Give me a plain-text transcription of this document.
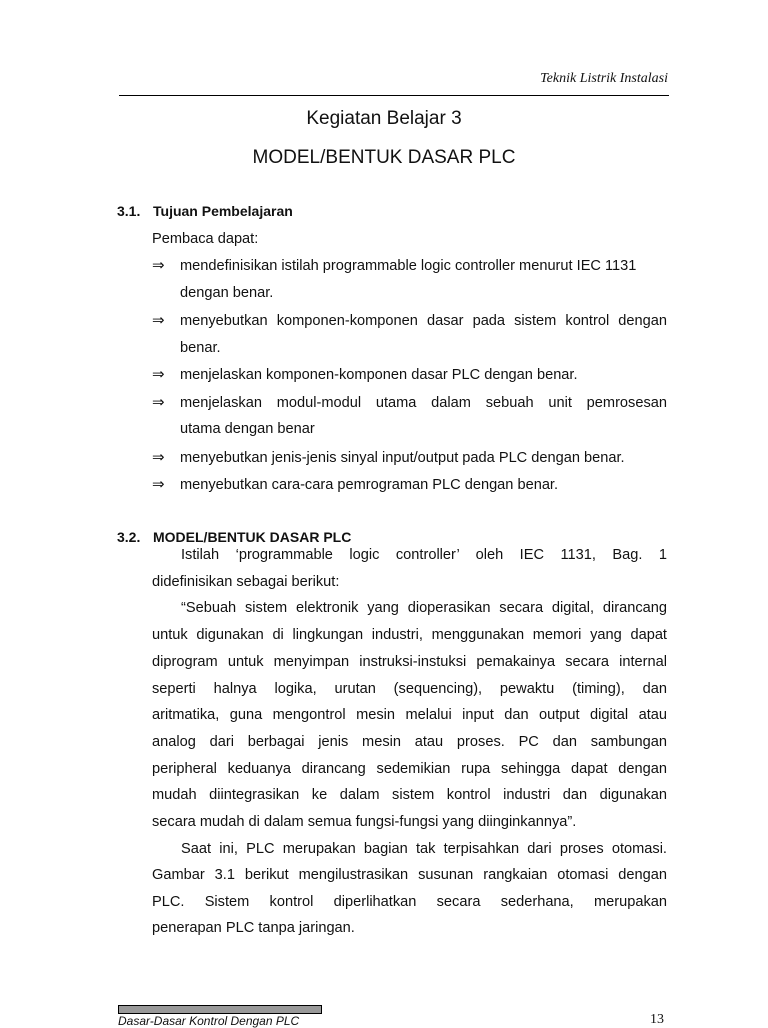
Teknik Listrik Instalasi
Kegiatan Belajar 3
MODEL/BENTUK DASAR PLC
3.1. Tujuan Pembelajaran
Pembaca dapat:
⇒ mendefinisikan istilah programmable logic controller menurut IEC 1131
dengan benar.
⇒ menyebutkan komponen-komponen dasar pada sistem kontrol dengan
benar.
⇒ menjelaskan komponen-komponen dasar PLC dengan benar.
⇒ menjelaskan modul-modul utama dalam sebuah unit pemrosesan
utama dengan benar
⇒ menyebutkan jenis-jenis sinyal input/output pada PLC dengan benar.
⇒ menyebutkan cara-cara pemrograman PLC dengan benar.
3.2. MODEL/BENTUK DASAR PLC
Istilah ‘programmable logic controller’ oleh IEC 1131, Bag. 1
didefinisikan sebagai berikut:
“Sebuah sistem elektronik yang dioperasikan secara digital, dirancang
untuk digunakan di lingkungan industri, menggunakan memori yang dapat
diprogram untuk menyimpan instruksi-instuksi pemakainya secara internal
seperti halnya logika, urutan (sequencing), pewaktu (timing), dan
aritmatika, guna mengontrol mesin melalui input dan output digital atau
analog dari berbagai jenis mesin atau proses. PC dan sambungan
peripheral keduanya dirancang sedemikian rupa sehingga dapat dengan
mudah diintegrasikan ke dalam sistem kontrol industri dan digunakan
secara mudah di dalam semua fungsi-fungsi yang diinginkannya”.
Saat ini, PLC merupakan bagian tak terpisahkan dari proses otomasi.
Gambar 3.1 berikut mengilustrasikan susunan rangkaian otomasi dengan
PLC. Sistem kontrol diperlihatkan secara sederhana, merupakan
penerapan PLC tanpa jaringan.
Dasar-Dasar Kontrol Dengan PLC	13
